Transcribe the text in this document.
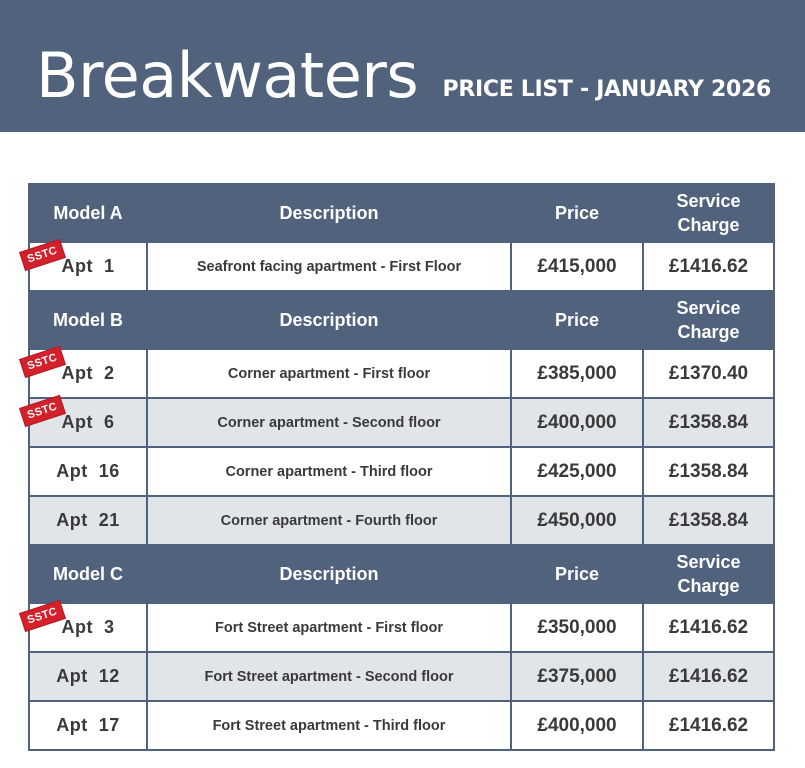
Breakwaters PRICE LIST - JANUARY 2026
Model A	Description	Price	Service
Charge

SSTC
Apt  1	Seafront facing apartment - First Floor	£415,000	£1416.62
Model B	Description	Price	Service
Charge

SSTC
Apt  2	Corner apartment - First floor	£385,000	£1370.40

SSTC
Apt  6	Corner apartment - Second floor	£400,000	£1358.84
Apt  16	Corner apartment - Third floor	£425,000	£1358.84
Apt  21	Corner apartment - Fourth floor	£450,000	£1358.84
Model C	Description	Price	Service
Charge

SSTC
Apt  3	Fort Street apartment - First floor	£350,000	£1416.62
Apt  12	Fort Street apartment - Second floor	£375,000	£1416.62
Apt  17	Fort Street apartment - Third floor	£400,000	£1416.62
